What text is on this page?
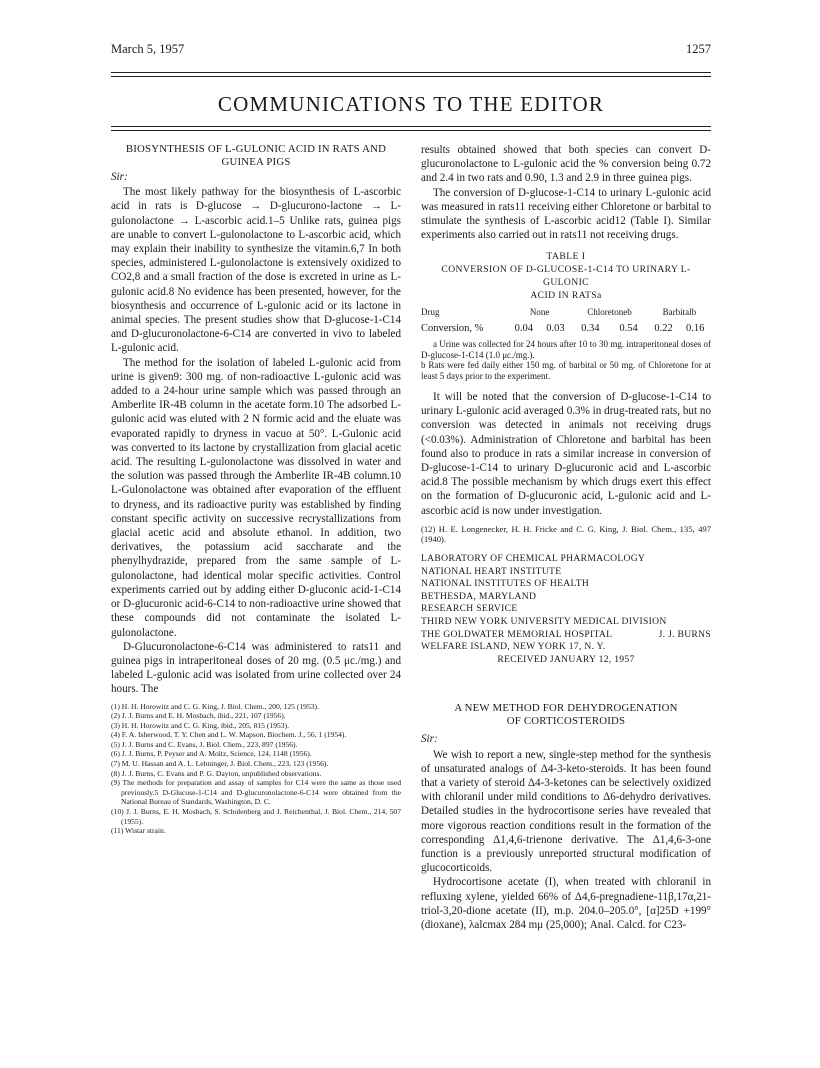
March 5, 1957	1257
COMMUNICATIONS TO THE EDITOR
BIOSYNTHESIS OF L-GULONIC ACID IN RATS AND
GUINEA PIGS
Sir:

The most likely pathway for the biosynthesis of L-ascorbic acid in rats is D-glucose → D-glucurono-lactone → L-gulonolactone → L-ascorbic acid.1–5 Unlike rats, guinea pigs are unable to convert L-gulonolactone to L-ascorbic acid, which may explain their inability to synthesize the vitamin.6,7 In both species, administered L-gulonolactone is extensively oxidized to CO2,8 and a small fraction of the dose is excreted in urine as L-gulonic acid.8 No evidence has been presented, however, for the biosynthesis and occurrence of L-gulonic acid or its lactone in animal species. The present studies show that D-glucose-1-C14 and D-glucuronolactone-6-C14 are converted in vivo to labeled L-gulonic acid.

The method for the isolation of labeled L-gulonic acid from urine is given9: 300 mg. of non-radioactive L-gulonic acid was added to a 24-hour urine sample which was passed through an Amberlite IR-4B column in the acetate form.10 The adsorbed L-gulonic acid was eluted with 2 N formic acid and the eluate was evaporated rapidly to dryness in vacuo at 50°. L-Gulonic acid was converted to its lactone by crystallization from glacial acetic acid. The resulting L-gulonolactone was dissolved in water and the solution was passed through the Amberlite IR-4B column.10 L-Gulonolactone was obtained after evaporation of the effluent to dryness, and its radioactive purity was established by finding constant specific activity on successive recrystallizations from glacial acetic acid and absolute ethanol. In addition, two derivatives, the potassium acid saccharate and the phenylhydrazide, prepared from the same sample of L-gulonolactone, had identical molar specific activities. Control experiments carried out by adding either D-gluconic acid-1-C14 or D-glucuronic acid-6-C14 to non-radioactive urine showed that these compounds did not contaminate the isolated L-gulonolactone.

D-Glucuronolactone-6-C14 was administered to rats11 and guinea pigs in intraperitoneal doses of 20 mg. (0.5 μc./mg.) and labeled L-gulonic acid was isolated from urine collected over 24 hours. The

(1) H. H. Horowitz and C. G. King, J. Biol. Chem., 200, 125 (1953).
(2) J. J. Burns and E. H. Mosbach, ibid., 221, 107 (1956).
(3) H. H. Horowitz and C. G. King, ibid., 205, 815 (1953).
(4) F. A. Isherwood, T. Y. Chen and L. W. Mapson, Biochem. J., 56, 1 (1954).
(5) J. J. Burns and C. Evans, J. Biol. Chem., 223, 897 (1956).
(6) J. J. Burns, P. Peyser and A. Moltz, Science, 124, 1148 (1956).
(7) M. U. Hassan and A. L. Lehninger, J. Biol. Chem., 223, 123 (1956).
(8) J. J. Burns, C. Evans and P. G. Dayton, unpublished observations.
(9) The methods for preparation and assay of samples for C14 were the same as those used previously.5 D-Glucose-1-C14 and D-glucuronolactone-6-C14 were obtained from the National Bureau of Standards, Washington, D. C.
(10) J. J. Burns, E. H. Mosbach, S. Schulenberg and J. Reichenthal, J. Biol. Chem., 214, 507 (1955).
(11) Wistar strain.

results obtained showed that both species can convert D-glucuronolactone to L-gulonic acid the % conversion being 0.72 and 2.4 in two rats and 0.90, 1.3 and 2.9 in three guinea pigs.

The conversion of D-glucose-1-C14 to urinary L-gulonic acid was measured in rats11 receiving either Chloretone or barbital to stimulate the synthesis of L-ascorbic acid12 (Table I). Similar experiments also carried out in rats11 not receiving drugs.

TABLE I
CONVERSION OF D-GLUCOSE-1-C14 TO URINARY L-GULONIC
ACID IN RATSa
Drug	None		Chloretoneb		Barbitalb	
Conversion, %	0.04	0.03	0.34	0.54	0.22	0.16
a Urine was collected for 24 hours after 10 to 30 mg. intraperitoneal doses of D-glucose-1-C14 (1.0 μc./mg.).
b Rats were fed daily either 150 mg. of barbital or 50 mg. of Chloretone for at least 5 days prior to the experiment.

It will be noted that the conversion of D-glucose-1-C14 to urinary L-gulonic acid averaged 0.3% in drug-treated rats, but no conversion was detected in animals not receiving drugs (<0.03%). Administration of Chloretone and barbital has been found also to produce in rats a similar increase in conversion of D-glucose-1-C14 to urinary D-glucuronic acid and L-ascorbic acid.8 The possible mechanism by which drugs exert this effect on the formation of D-glucuronic acid, L-gulonic acid and L-ascorbic acid is now under investigation.

(12) H. E. Longenecker, H. H. Fricke and C. G. King, J. Biol. Chem., 135, 497 (1940).
LABORATORY OF CHEMICAL PHARMACOLOGY
NATIONAL HEART INSTITUTE
NATIONAL INSTITUTES OF HEALTH
BETHESDA, MARYLAND
RESEARCH SERVICE
THIRD NEW YORK UNIVERSITY MEDICAL DIVISION
THE GOLDWATER MEMORIAL HOSPITAL	J. J. BURNS
WELFARE ISLAND, NEW YORK 17, N. Y.
RECEIVED JANUARY 12, 1957
A NEW METHOD FOR DEHYDROGENATION
OF CORTICOSTEROIDS
Sir:

We wish to report a new, single-step method for the synthesis of unsaturated analogs of Δ4-3-keto-steroids. It has been found that a variety of steroid Δ4-3-ketones can be selectively oxidized with chloranil under mild conditions to Δ6-dehydro derivatives. Detailed studies in the hydrocortisone series have revealed that more vigorous reaction conditions result in the formation of the corresponding Δ1,4,6-trienone derivative. The Δ1,4,6-3-one function is a previously unreported structural modification of glucocorticoids.

Hydrocortisone acetate (I), when treated with chloranil in refluxing xylene, yielded 66% of Δ4,6-pregnadiene-11β,17α,21-triol-3,20-dione acetate (II), m.p. 204.0–205.0°, [α]25D +199° (dioxane), λalcmax 284 mμ (25,000); Anal. Calcd. for C23-
